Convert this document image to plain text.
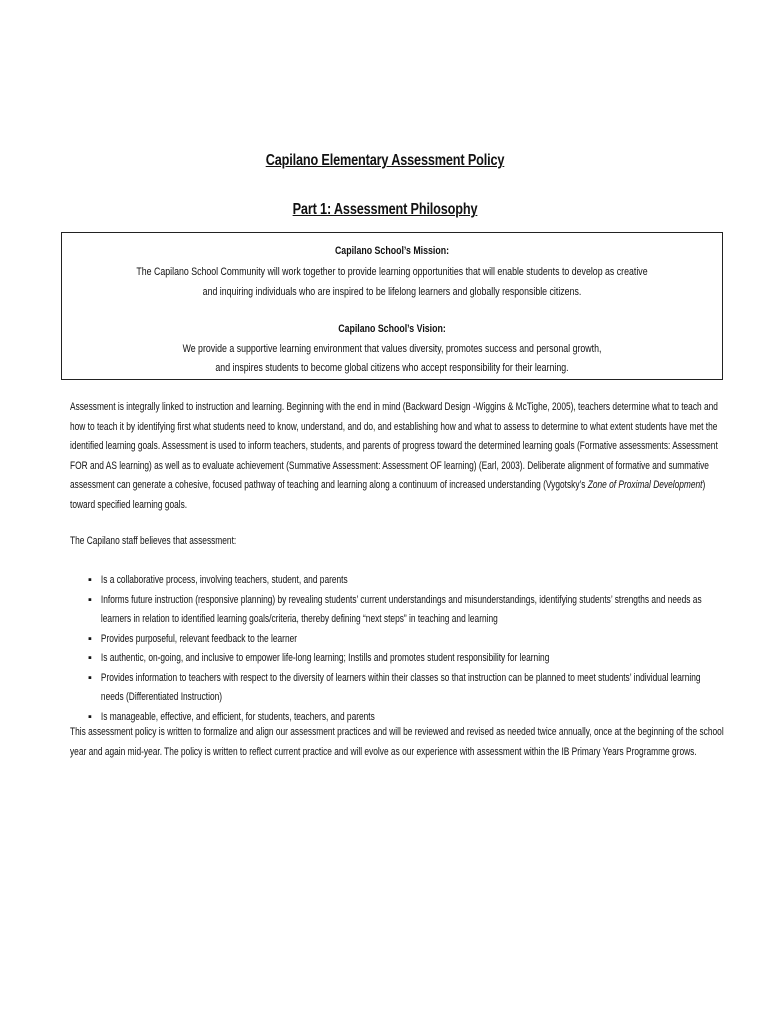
Capilano Elementary Assessment Policy
Part 1: Assessment Philosophy
Capilano School’s Mission:
The Capilano School Community will work together to provide learning opportunities that will enable students to develop as creative
and inquiring individuals who are inspired to be lifelong learners and globally responsible citizens.
Capilano School’s Vision:
We provide a supportive learning environment that values diversity, promotes success and personal growth,
and inspires students to become global citizens who accept responsibility for their learning.
Assessment is integrally linked to instruction and learning. Beginning with the end in mind (Backward Design -Wiggins & McTighe, 2005), teachers determine what to teach and
how to teach it by identifying first what students need to know, understand, and do, and establishing how and what to assess to determine to what extent students have met the
identified learning goals. Assessment is used to inform teachers, students, and parents of progress toward the determined learning goals (Formative assessments: Assessment
FOR and AS learning) as well as to evaluate achievement (Summative Assessment: Assessment OF learning) (Earl, 2003). Deliberate alignment of formative and summative
assessment can generate a cohesive, focused pathway of teaching and learning along a continuum of increased understanding (Vygotsky’s Zone of Proximal Development)
toward specified learning goals.
The Capilano staff believes that assessment:
▪ Is a collaborative process, involving teachers, student, and parents
▪ Informs future instruction (responsive planning) by revealing students’ current understandings and misunderstandings, identifying students’ strengths and needs as
learners in relation to identified learning goals/criteria, thereby defining “next steps” in teaching and learning
▪ Provides purposeful, relevant feedback to the learner
▪ Is authentic, on-going, and inclusive to empower life-long learning; Instills and promotes student responsibility for learning
▪ Provides information to teachers with respect to the diversity of learners within their classes so that instruction can be planned to meet students’ individual learning
needs (Differentiated Instruction)
▪ Is manageable, effective, and efficient, for students, teachers, and parents
This assessment policy is written to formalize and align our assessment practices and will be reviewed and revised as needed twice annually, once at the beginning of the school
year and again mid-year. The policy is written to reflect current practice and will evolve as our experience with assessment within the IB Primary Years Programme grows.
